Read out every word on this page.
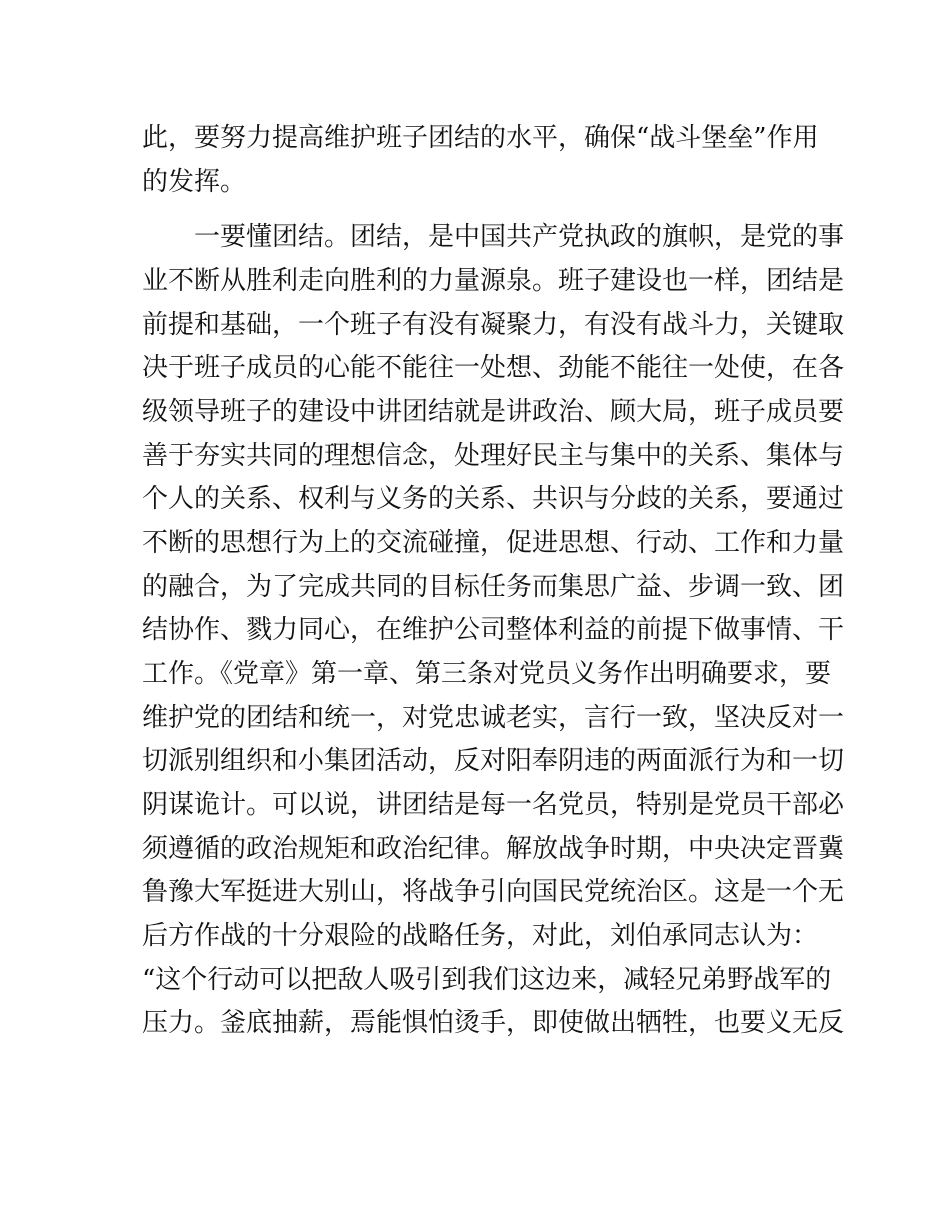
此，要努力提高维护班子团结的水平，确保“战斗堡垒”作用
的发挥。
一要懂团结。团结，是中国共产党执政的旗帜，是党的事
业不断从胜利走向胜利的力量源泉。班子建设也一样，团结是
前提和基础，一个班子有没有凝聚力，有没有战斗力，关键取
决于班子成员的心能不能往一处想、劲能不能往一处使，在各
级领导班子的建设中讲团结就是讲政治、顾大局，班子成员要
善于夯实共同的理想信念，处理好民主与集中的关系、集体与
个人的关系、权利与义务的关系、共识与分歧的关系，要通过
不断的思想行为上的交流碰撞，促进思想、行动、工作和力量
的融合，为了完成共同的目标任务而集思广益、步调一致、团
结协作、戮力同心，在维护公司整体利益的前提下做事情、干
工作。《党章》第一章、第三条对党员义务作出明确要求，要
维护党的团结和统一，对党忠诚老实，言行一致，坚决反对一
切派别组织和小集团活动，反对阳奉阴违的两面派行为和一切
阴谋诡计。可以说，讲团结是每一名党员，特别是党员干部必
须遵循的政治规矩和政治纪律。解放战争时期，中央决定晋冀
鲁豫大军挺进大别山，将战争引向国民党统治区。这是一个无
后方作战的十分艰险的战略任务，对此，刘伯承同志认为：
“这个行动可以把敌人吸引到我们这边来，减轻兄弟野战军的
压力。釜底抽薪，焉能惧怕烫手，即使做出牺牲，也要义无反
